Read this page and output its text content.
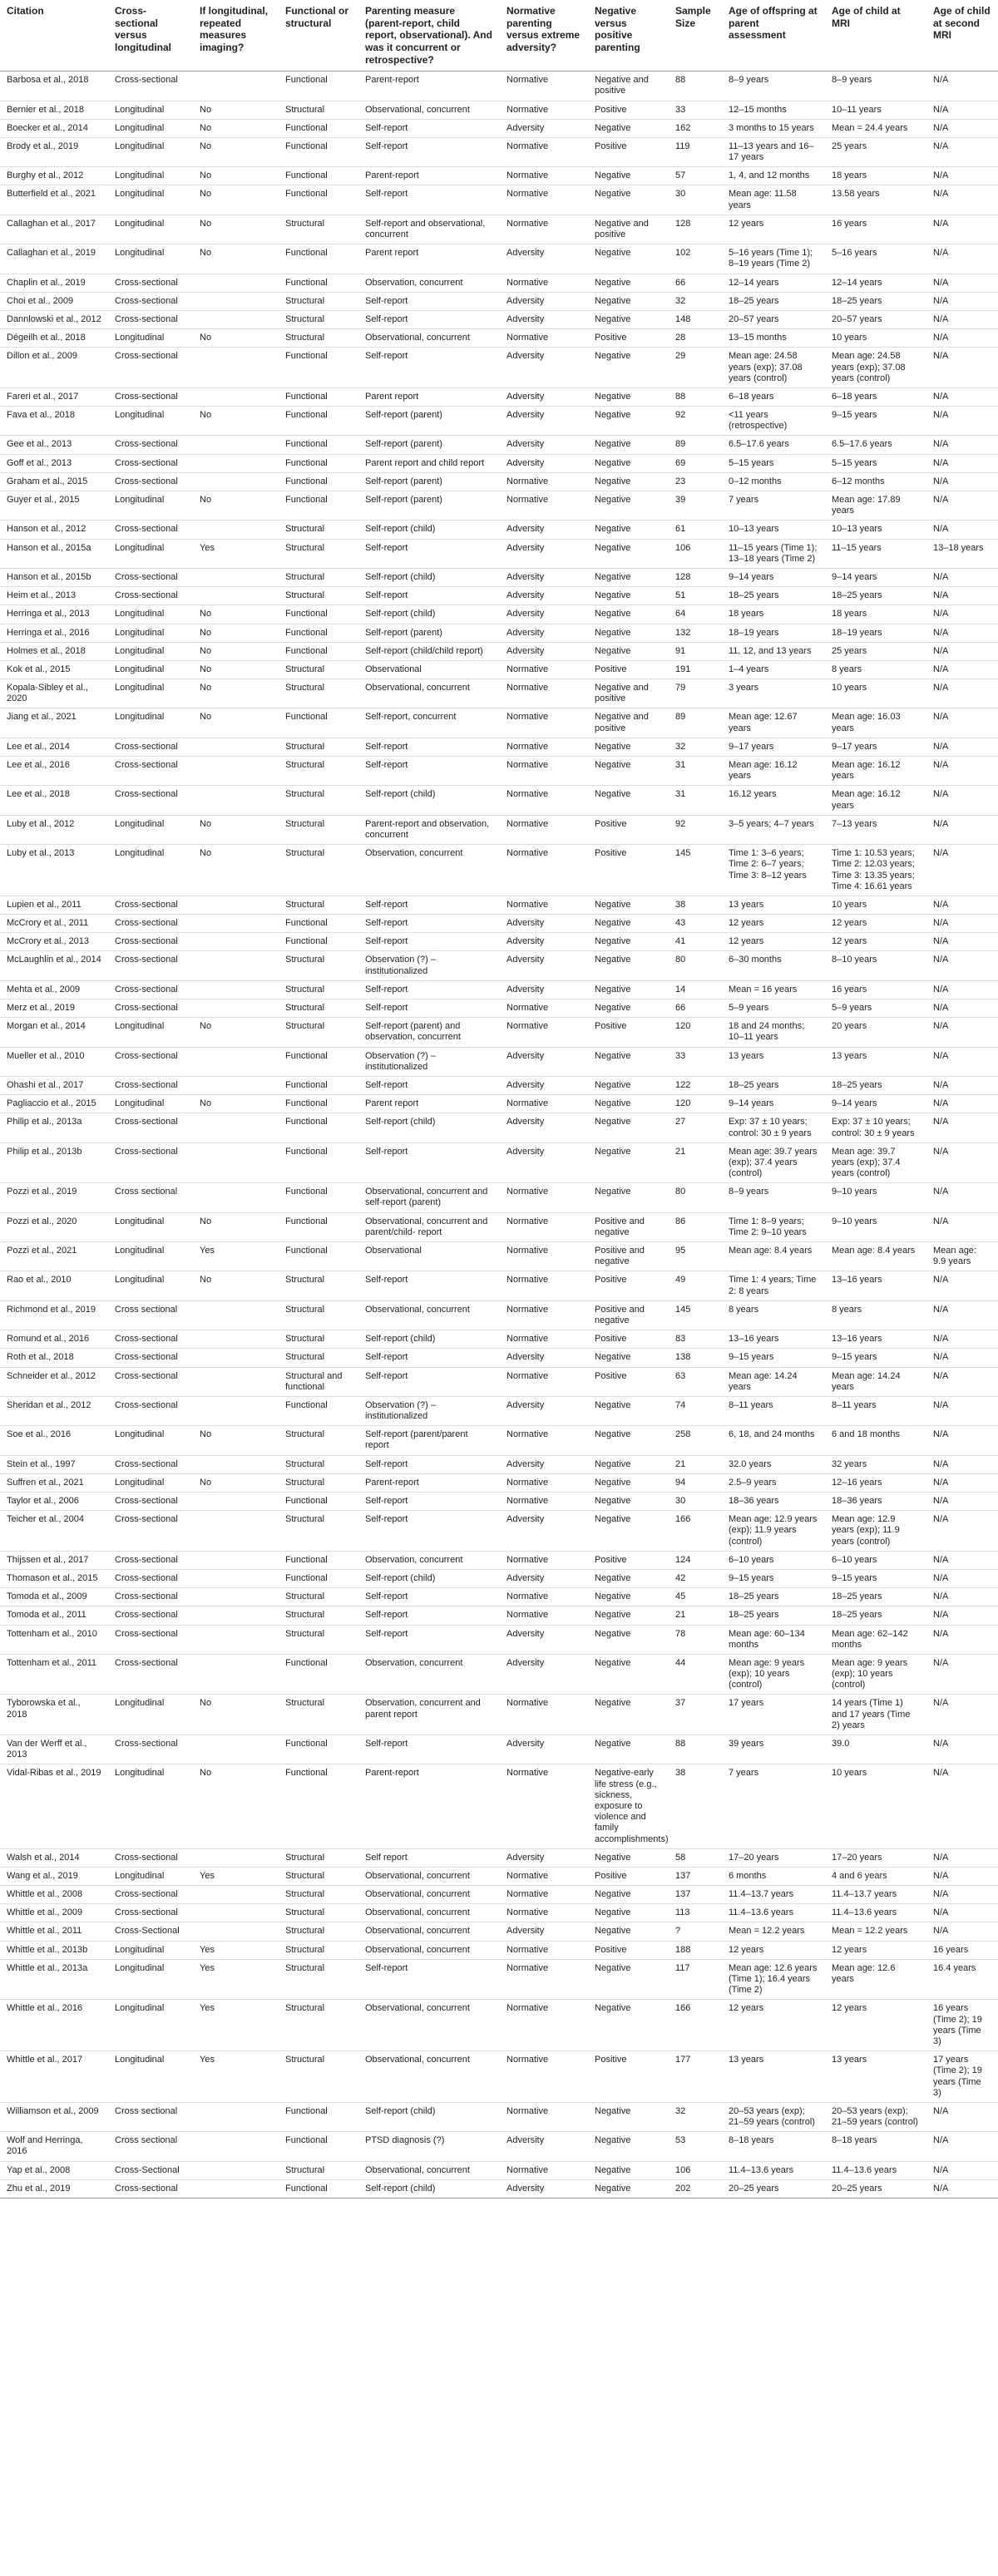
Citation	Cross-sectional versus longitudinal	If longitudinal, repeated measures imaging?	Functional or structural	Parenting measure (parent-report, child report, observational). And was it concurrent or retrospective?	Normative parenting versus extreme adversity?	Negative versus positive parenting	Sample Size	Age of offspring at parent assessment	Age of child at MRI	Age of child at second MRI
Barbosa et al., 2018	Cross-sectional		Functional	Parent-report	Normative	Negative and positive	88	8–9 years	8–9 years	N/A
Bernier et al., 2018	Longitudinal	No	Structural	Observational, concurrent	Normative	Positive	33	12–15 months	10–11 years	N/A
Boecker et al., 2014	Longitudinal	No	Functional	Self-report	Adversity	Negative	162	3 months to 15 years	Mean = 24.4 years	N/A
Brody et al., 2019	Longitudinal	No	Functional	Self-report	Normative	Positive	119	11–13 years and 16–17 years	25 years	N/A
Burghy et al., 2012	Longitudinal	No	Functional	Parent-report	Normative	Negative	57	1, 4, and 12 months	18 years	N/A
Butterfield et al., 2021	Longitudinal	No	Functional	Self-report	Normative	Negative	30	Mean age: 11.58 years	13.58 years	N/A
Callaghan et al., 2017	Longitudinal	No	Structural	Self-report and observational, concurrent	Normative	Negative and positive	128	12 years	16 years	N/A
Callaghan et al., 2019	Longitudinal	No	Functional	Parent report	Adversity	Negative	102	5–16 years (Time 1); 8–19 years (Time 2)	5–16 years	N/A
Chaplin et al., 2019	Cross-sectional		Functional	Observation, concurrent	Normative	Negative	66	12–14 years	12–14 years	N/A
Choi et al., 2009	Cross-sectional		Structural	Self-report	Adversity	Negative	32	18–25 years	18–25 years	N/A
Dannlowski et al., 2012	Cross-sectional		Structural	Self-report	Adversity	Negative	148	20–57 years	20–57 years	N/A
Dégeilh et al., 2018	Longitudinal	No	Structural	Observational, concurrent	Normative	Positive	28	13–15 months	10 years	N/A
Dillon et al., 2009	Cross-sectional		Functional	Self-report	Adversity	Negative	29	Mean age: 24.58 years (exp); 37.08 years (control)	Mean age: 24.58 years (exp); 37.08 years (control)	N/A
Fareri et al., 2017	Cross-sectional		Functional	Parent report	Adversity	Negative	88	6–18 years	6–18 years	N/A
Fava et al., 2018	Longitudinal	No	Functional	Self-report (parent)	Adversity	Negative	92	<11 years (retrospective)	9–15 years	N/A
Gee et al., 2013	Cross-sectional		Functional	Self-report (parent)	Adversity	Negative	89	6.5–17.6 years	6.5–17.6 years	N/A
Goff et al., 2013	Cross-sectional		Functional	Parent report and child report	Adversity	Negative	69	5–15 years	5–15 years	N/A
Graham et al., 2015	Cross-sectional		Functional	Self-report (parent)	Normative	Negative	23	0–12 months	6–12 months	N/A
Guyer et al., 2015	Longitudinal	No	Functional	Self-report (parent)	Normative	Negative	39	7 years	Mean age: 17.89 years	N/A
Hanson et al., 2012	Cross-sectional		Structural	Self-report (child)	Adversity	Negative	61	10–13 years	10–13 years	N/A
Hanson et al., 2015a	Longitudinal	Yes	Structural	Self-report	Adversity	Negative	106	11–15 years (Time 1); 13–18 years (Time 2)	11–15 years	13–18 years
Hanson et al., 2015b	Cross-sectional		Structural	Self-report (child)	Adversity	Negative	128	9–14 years	9–14 years	N/A
Heim et al., 2013	Cross-sectional		Structural	Self-report	Adversity	Negative	51	18–25 years	18–25 years	N/A
Herringa et al., 2013	Longitudinal	No	Functional	Self-report (child)	Adversity	Negative	64	18 years	18 years	N/A
Herringa et al., 2016	Longitudinal	No	Functional	Self-report (parent)	Adversity	Negative	132	18–19 years	18–19 years	N/A
Holmes et al., 2018	Longitudinal	No	Functional	Self-report (child/child report)	Adversity	Negative	91	11, 12, and 13 years	25 years	N/A
Kok et al., 2015	Longitudinal	No	Structural	Observational	Normative	Positive	191	1–4 years	8 years	N/A
Kopala-Sibley et al., 2020	Longitudinal	No	Structural	Observational, concurrent	Normative	Negative and positive	79	3 years	10 years	N/A
Jiang et al., 2021	Longitudinal	No	Functional	Self-report, concurrent	Normative	Negative and positive	89	Mean age: 12.67 years	Mean age: 16.03 years	N/A
Lee et al., 2014	Cross-sectional		Structural	Self-report	Normative	Negative	32	9–17 years	9–17 years	N/A
Lee et al., 2016	Cross-sectional		Structural	Self-report	Normative	Negative	31	Mean age: 16.12 years	Mean age: 16.12 years	N/A
Lee et al., 2018	Cross-sectional		Structural	Self-report (child)	Normative	Negative	31	16.12 years	Mean age: 16.12 years	N/A
Luby et al., 2012	Longitudinal	No	Structural	Parent-report and observation, concurrent	Normative	Positive	92	3–5 years; 4–7 years	7–13 years	N/A
Luby et al., 2013	Longitudinal	No	Structural	Observation, concurrent	Normative	Positive	145	Time 1: 3–6 years; Time 2: 6–7 years; Time 3: 8–12 years	Time 1: 10.53 years; Time 2: 12.03 years; Time 3: 13.35 years; Time 4: 16.61 years	N/A
Lupien et al., 2011	Cross-sectional		Structural	Self-report	Normative	Negative	38	13 years	10 years	N/A
McCrory et al., 2011	Cross-sectional		Functional	Self-report	Adversity	Negative	43	12 years	12 years	N/A
McCrory et al., 2013	Cross-sectional		Functional	Self-report	Adversity	Negative	41	12 years	12 years	N/A
McLaughlin et al., 2014	Cross-sectional		Structural	Observation (?) – institutionalized	Adversity	Negative	80	6–30 months	8–10 years	N/A
Mehta et al., 2009	Cross-sectional		Structural	Self-report	Adversity	Negative	14	Mean = 16 years	16 years	N/A
Merz et al., 2019	Cross-sectional		Structural	Self-report	Normative	Negative	66	5–9 years	5–9 years	N/A
Morgan et al., 2014	Longitudinal	No	Structural	Self-report (parent) and observation, concurrent	Normative	Positive	120	18 and 24 months; 10–11 years	20 years	N/A
Mueller et al., 2010	Cross-sectional		Functional	Observation (?) – institutionalized	Adversity	Negative	33	13 years	13 years	N/A
Ohashi et al., 2017	Cross-sectional		Functional	Self-report	Adversity	Negative	122	18–25 years	18–25 years	N/A
Pagliaccio et al., 2015	Longitudinal	No	Functional	Parent report	Normative	Negative	120	9–14 years	9–14 years	N/A
Philip et al., 2013a	Cross-sectional		Functional	Self-report (child)	Adversity	Negative	27	Exp: 37 ± 10 years; control: 30 ± 9 years	Exp: 37 ± 10 years; control: 30 ± 9 years	N/A
Philip et al., 2013b	Cross-sectional		Functional	Self-report	Adversity	Negative	21	Mean age: 39.7 years (exp); 37.4 years (control)	Mean age: 39.7 years (exp); 37.4 years (control)	N/A
Pozzi et al., 2019	Cross sectional		Functional	Observational, concurrent and self-report (parent)	Normative	Negative	80	8–9 years	9–10 years	N/A
Pozzi et al., 2020	Longitudinal	No	Functional	Observational, concurrent and parent/child- report	Normative	Positive and negative	86	Time 1: 8–9 years; Time 2: 9–10 years	9–10 years	N/A
Pozzi et al., 2021	Longitudinal	Yes	Functional	Observational	Normative	Positive and negative	95	Mean age: 8.4 years	Mean age: 8.4 years	Mean age: 9.9 years
Rao et al., 2010	Longitudinal	No	Structural	Self-report	Normative	Positive	49	Time 1: 4 years; Time 2: 8 years	13–16 years	N/A
Richmond et al., 2019	Cross sectional		Structural	Observational, concurrent	Normative	Positive and negative	145	8 years	8 years	N/A
Romund et al., 2016	Cross-sectional		Structural	Self-report (child)	Normative	Positive	83	13–16 years	13–16 years	N/A
Roth et al., 2018	Cross-sectional		Structural	Self-report	Adversity	Negative	138	9–15 years	9–15 years	N/A
Schneider et al., 2012	Cross-sectional		Structural and functional	Self-report	Normative	Positive	63	Mean age: 14.24 years	Mean age: 14.24 years	N/A
Sheridan et al., 2012	Cross-sectional		Functional	Observation (?) – institutionalized	Adversity	Negative	74	8–11 years	8–11 years	N/A
Soe et al., 2016	Longitudinal	No	Structural	Self-report (parent/parent report	Normative	Negative	258	6, 18, and 24 months	6 and 18 months	N/A
Stein et al., 1997	Cross-sectional		Structural	Self-report	Adversity	Negative	21	32.0 years	32 years	N/A
Suffren et al., 2021	Longitudinal	No	Structural	Parent-report	Normative	Negative	94	2.5–9 years	12–16 years	N/A
Taylor et al., 2006	Cross-sectional		Functional	Self-report	Normative	Negative	30	18–36 years	18–36 years	N/A
Teicher et al., 2004	Cross-sectional		Structural	Self-report	Adversity	Negative	166	Mean age: 12.9 years (exp); 11.9 years (control)	Mean age: 12.9 years (exp); 11.9 years (control)	N/A
Thijssen et al., 2017	Cross-sectional		Functional	Observation, concurrent	Normative	Positive	124	6–10 years	6–10 years	N/A
Thomason et al., 2015	Cross-sectional		Functional	Self-report (child)	Adversity	Negative	42	9–15 years	9–15 years	N/A
Tomoda et al., 2009	Cross-sectional		Structural	Self-report	Normative	Negative	45	18–25 years	18–25 years	N/A
Tomoda et al., 2011	Cross-sectional		Structural	Self-report	Normative	Negative	21	18–25 years	18–25 years	N/A
Tottenham et al., 2010	Cross-sectional		Structural	Self-report	Adversity	Negative	78	Mean age: 60–134 months	Mean age: 62–142 months	N/A
Tottenham et al., 2011	Cross-sectional		Functional	Observation, concurrent	Adversity	Negative	44	Mean age: 9 years (exp); 10 years (control)	Mean age: 9 years (exp); 10 years (control)	N/A
Tyborowska et al., 2018	Longitudinal	No	Structural	Observation, concurrent and parent report	Normative	Negative	37	17 years	14 years (Time 1) and 17 years (Time 2) years	N/A
Van der Werff et al., 2013	Cross-sectional		Functional	Self-report	Adversity	Negative	88	39 years	39.0	N/A
Vidal-Ribas et al., 2019	Longitudinal	No	Functional	Parent-report	Normative	Negative-early life stress (e.g., sickness, exposure to violence and family accomplishments)	38	7 years	10 years	N/A
Walsh et al., 2014	Cross-sectional		Structural	Self report	Adversity	Negative	58	17–20 years	17–20 years	N/A
Wang et al., 2019	Longitudinal	Yes	Structural	Observational, concurrent	Normative	Positive	137	6 months	4 and 6 years	N/A
Whittle et al., 2008	Cross-sectional		Structural	Observational, concurrent	Normative	Negative	137	11.4–13.7 years	11.4–13.7 years	N/A
Whittle et al., 2009	Cross-sectional		Structural	Observational, concurrent	Normative	Negative	113	11.4–13.6 years	11.4–13.6 years	N/A
Whittle et al., 2011	Cross-Sectional		Structural	Observational, concurrent	Adversity	Negative	?	Mean = 12.2 years	Mean = 12.2 years	N/A
Whittle et al., 2013b	Longitudinal	Yes	Structural	Observational, concurrent	Normative	Positive	188	12 years	12 years	16 years
Whittle et al., 2013a	Longitudinal	Yes	Structural	Self-report	Normative	Negative	117	Mean age: 12.6 years (Time 1); 16.4 years (Time 2)	Mean age: 12.6 years	16.4 years
Whittle et al., 2016	Longitudinal	Yes	Structural	Observational, concurrent	Normative	Negative	166	12 years	12 years	16 years (Time 2); 19 years (Time 3)
Whittle et al., 2017	Longitudinal	Yes	Structural	Observational, concurrent	Normative	Positive	177	13 years	13 years	17 years (Time 2); 19 years (Time 3)
Williamson et al., 2009	Cross sectional		Functional	Self-report (child)	Normative	Negative	32	20–53 years (exp); 21–59 years (control)	20–53 years (exp); 21–59 years (control)	N/A
Wolf and Herringa, 2016	Cross sectional		Functional	PTSD diagnosis (?)	Adversity	Negative	53	8–18 years	8–18 years	N/A
Yap et al., 2008	Cross-Sectional		Structural	Observational, concurrent	Normative	Negative	106	11.4–13.6 years	11.4–13.6 years	N/A
Zhu et al., 2019	Cross-sectional		Functional	Self-report (child)	Adversity	Negative	202	20–25 years	20–25 years	N/A
